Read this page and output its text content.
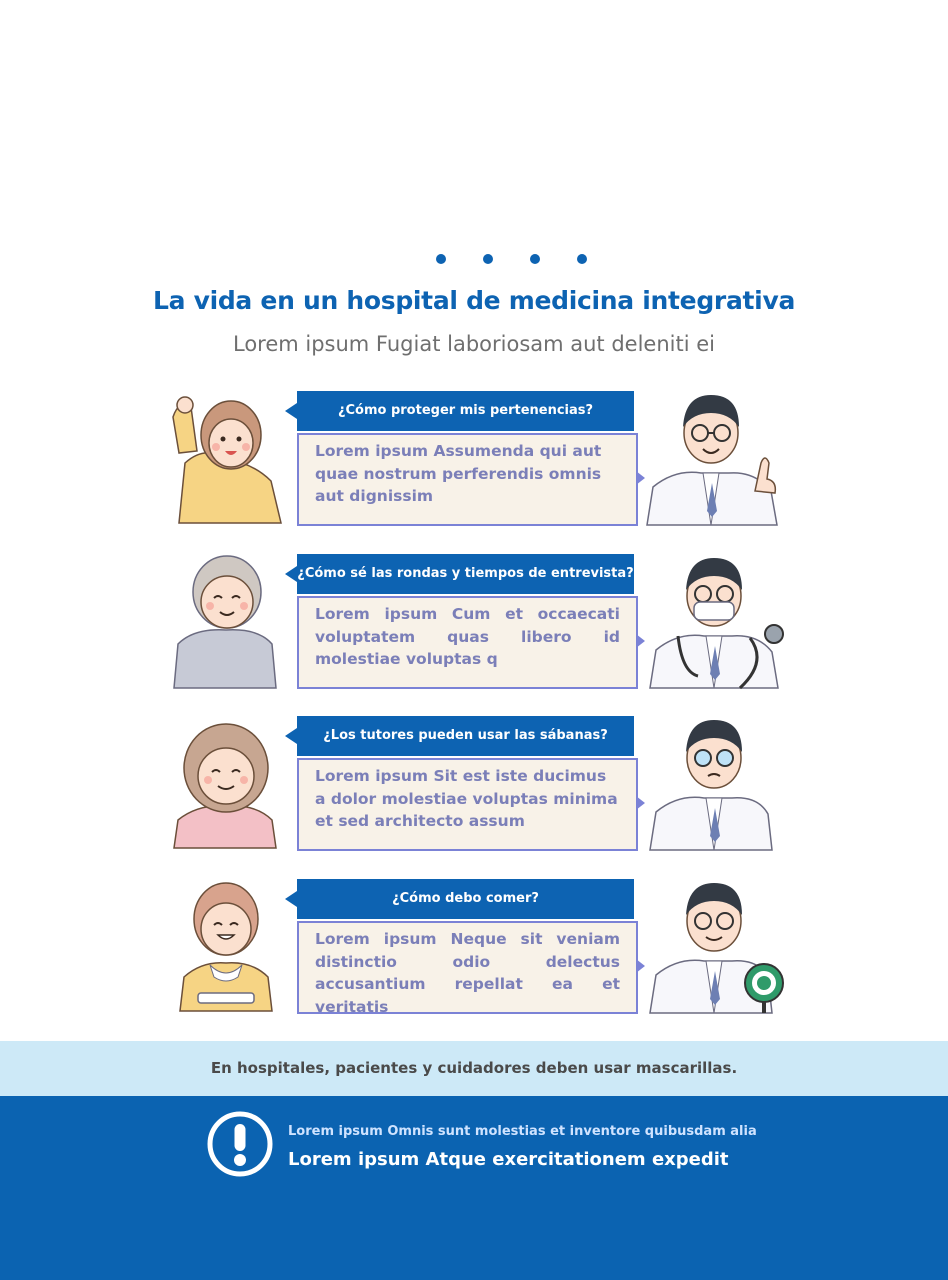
La vida en un hospital de medicina integrativa
Lorem ipsum Fugiat laboriosam aut deleniti ei
¿Cómo proteger mis pertenencias?
Lorem ipsum Assumenda qui aut quae nostrum perferendis omnis aut dignissim
¿Cómo sé las rondas y tiempos de entrevista?
Lorem ipsum Cum et occaecati voluptatem quas libero id molestiae voluptas q
¿Los tutores pueden usar las sábanas?
Lorem ipsum Sit est iste ducimus a dolor molestiae voluptas minima et sed architecto assum
¿Cómo debo comer?
Lorem ipsum Neque sit veniam distinctio odio delectus accusantium repellat ea et veritatis
En hospitales, pacientes y cuidadores deben usar mascarillas.
Lorem ipsum Omnis sunt molestias et inventore quibusdam alia
Lorem ipsum Atque exercitationem expedit
